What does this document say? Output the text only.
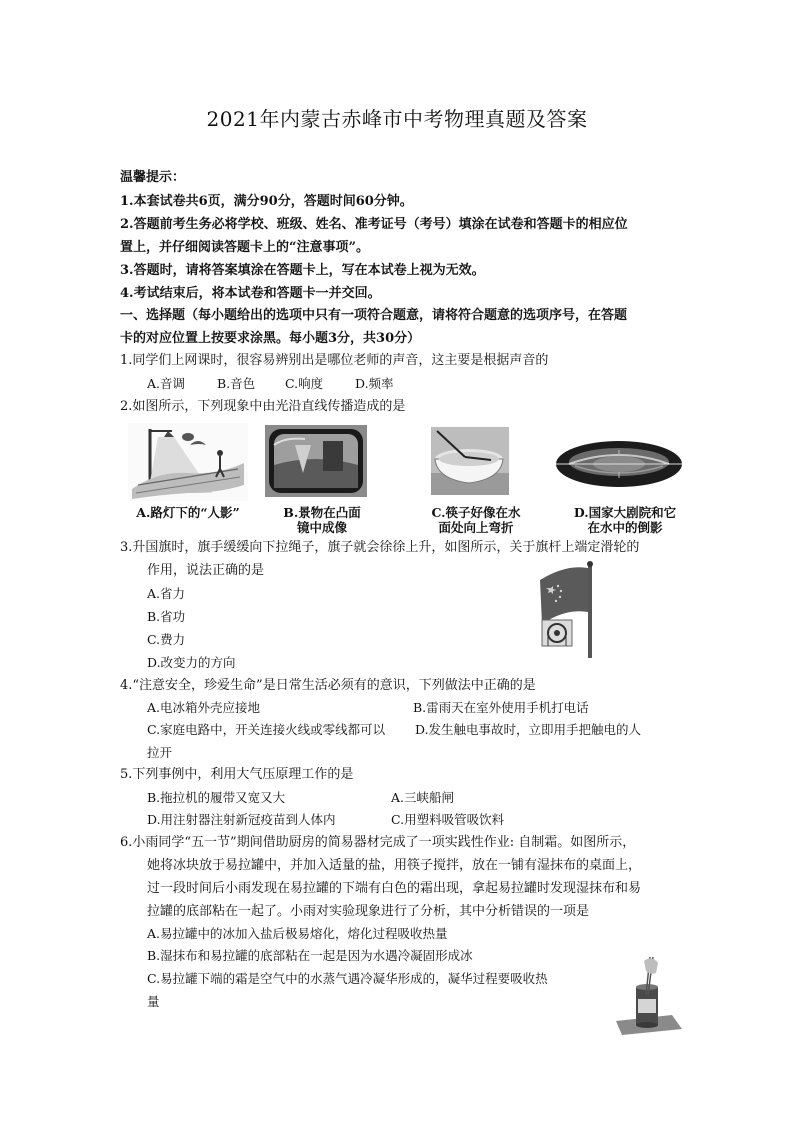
2021年内蒙古赤峰市中考物理真题及答案
温馨提示：
1.本套试卷共6页，满分90分，答题时间60分钟。
2.答题前考生务必将学校、班级、姓名、准考证号（考号）填涂在试卷和答题卡的相应位
置上，并仔细阅读答题卡上的“注意事项”。
3.答题时，请将答案填涂在答题卡上，写在本试卷上视为无效。
4.考试结束后，将本试卷和答题卡一并交回。
一、选择题（每小题给出的选项中只有一项符合题意，请将符合题意的选项序号，在答题
卡的对应位置上按要求涂黑。每小题3分，共30分）
1.同学们上网课时，很容易辨别出是哪位老师的声音，这主要是根据声音的
A.音调	B.音色 C.响度	D.频率
2.如图所示，下列现象中由光沿直线传播造成的是
A.路灯下的“人影”	B.景物在凸面
镜中成像
C.筷子好像在水
面处向上弯折
D.国家大剧院和它
在水中的倒影
3.升国旗时，旗手缓缓向下拉绳子，旗子就会徐徐上升，如图所示，关于旗杆上端定滑轮的
作用，说法正确的是
A.省力
B.省功
C.费力
D.改变力的方向
4.“注意安全，珍爱生命”是日常生活必须有的意识，下列做法中正确的是
A.电冰箱外壳应接地	B.雷雨天在室外使用手机打电话
C.家庭电路中，开关连接火线或零线都可以 D.发生触电事故时，立即用手把触电的人
拉开
5.下列事例中，利用大气压原理工作的是
B.拖拉机的履带又宽又大	A.三峡船闸
D.用注射器注射新冠疫苗到人体内	C.用塑料吸管吸饮料
6.小雨同学“五一节”期间借助厨房的简易器材完成了一项实践性作业: 自制霜。如图所示，
她将冰块放于易拉罐中，并加入适量的盐，用筷子搅拌，放在一铺有湿抹布的桌面上，
过一段时间后小雨发现在易拉罐的下端有白色的霜出现，拿起易拉罐时发现湿抹布和易
拉罐的底部粘在一起了。小雨对实验现象进行了分析，其中分析错误的一项是
A.易拉罐中的冰加入盐后极易熔化，熔化过程吸收热量
B.湿抹布和易拉罐的底部粘在一起是因为水遇冷凝固形成冰
C.易拉罐下端的霜是空气中的水蒸气遇冷凝华形成的，凝华过程要吸收热
量
